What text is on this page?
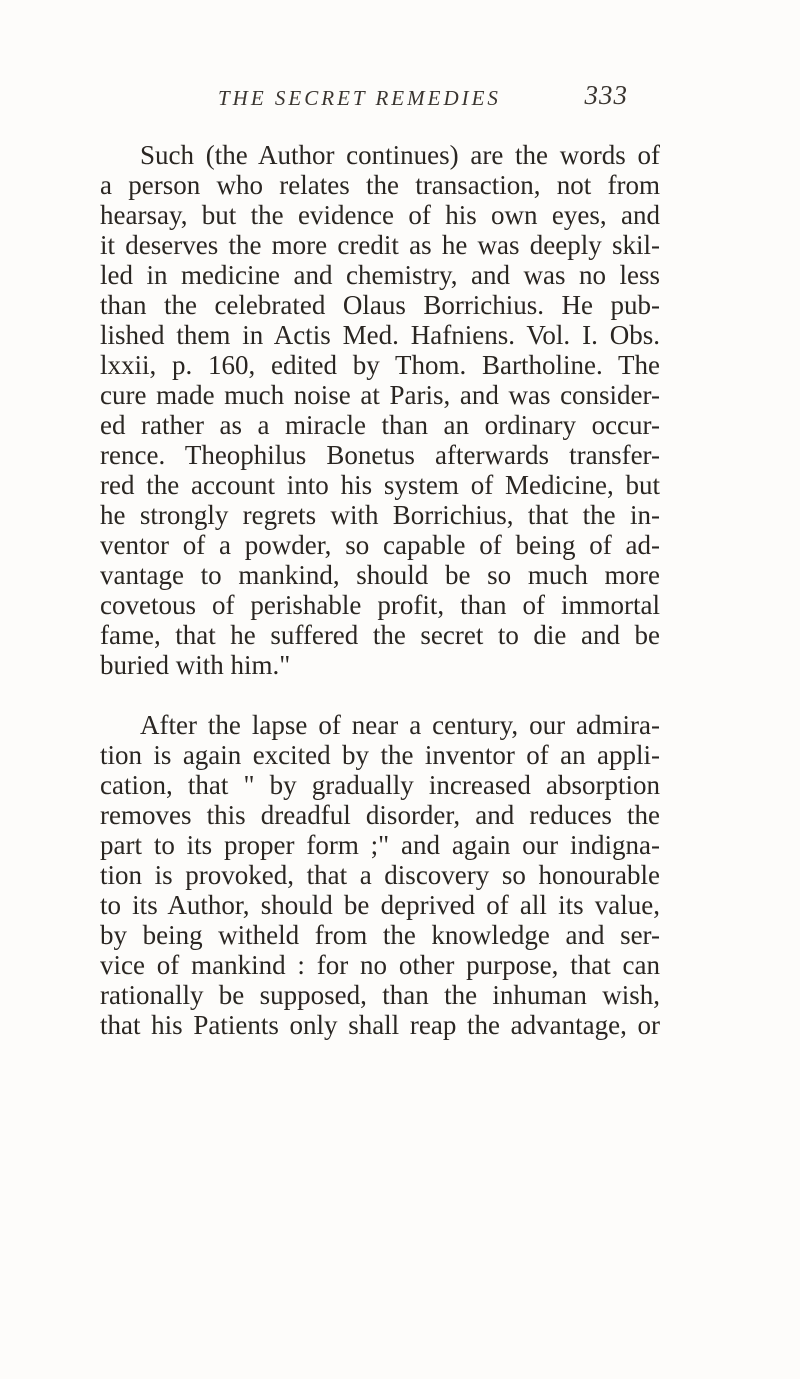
THE SECRET REMEDIES	333
Such (the Author continues) are the words of
a person who relates the transaction, not from
hearsay, but the evidence of his own eyes, and
it deserves the more credit as he was deeply skil-
led in medicine and chemistry, and was no less
than the celebrated Olaus Borrichius. He pub-
lished them in Actis Med. Hafniens. Vol. I. Obs.
lxxii, p. 160, edited by Thom. Bartholine. The
cure made much noise at Paris, and was consider-
ed rather as a miracle than an ordinary occur-
rence. Theophilus Bonetus afterwards transfer-
red the account into his system of Medicine, but
he strongly regrets with Borrichius, that the in-
ventor of a powder, so capable of being of ad-
vantage to mankind, should be so much more
covetous of perishable profit, than of immortal
fame, that he suffered the secret to die and be
buried with him."
After the lapse of near a century, our admira-
tion is again excited by the inventor of an appli-
cation, that " by gradually increased absorption
removes this dreadful disorder, and reduces the
part to its proper form ;" and again our indigna-
tion is provoked, that a discovery so honourable
to its Author, should be deprived of all its value,
by being witheld from the knowledge and ser-
vice of mankind : for no other purpose, that can
rationally be supposed, than the inhuman wish,
that his Patients only shall reap the advantage, or
